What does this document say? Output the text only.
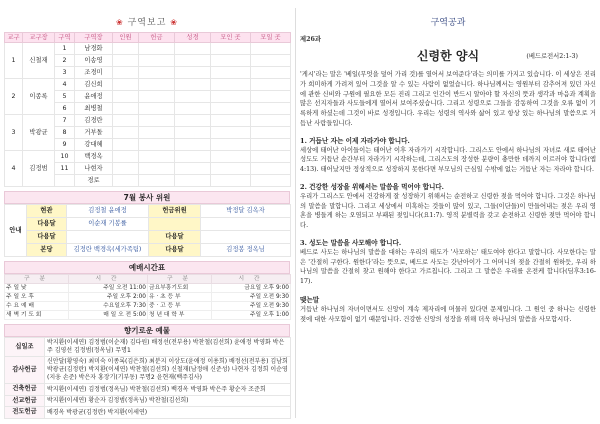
❀ 구역보고 ❀
교구	교구장	구역	구역장	인원	헌금	성경	모인 곳	모일 곳
1	신철재	1	남경화					
		2	이송영					
		3	조경미					
2	이종록	4	김신희					
		5	윤애정					
		6	최병철					
3	박광균	7	김경란					
		8	거부돌					
		9	강대혜					
4	김정범	10	백경옥					
		11	나현자					
			경로					
7월 봉사 위원
안내	현관	김정철 윤애정	헌금위원	박정달 김옥자
	다용달	이순재 기봉률		
	다용달		다용달	
	본당	김정란 백경옥(세가족팀)	다용달	김정봉 정옥님
예배시간표
구 분	시 간	구 분	시 간
주 일 낮	주일 오전 11:00	금요부흥기도회	금요일 오후 9:00
주 일 오 후	주일 오후 2:00	유 · 초 등 부	주일 오전 9:30
수 요 예 배	수요일오후 7:30	중 · 고 등 부	주일 오전 9:30
새 벽 기 도 회	매 일 오 전 5:00	청 년 대 학 부	주일 오후 1:00
향기로운 예물
십일조	박지환(이세연) 김정범(이순재) 김다원) 배정선(전부용) 박찬철(김선희) 윤애정 박영화 박은주 김영선 김정범(정옥님) 무명1
감사헌금	신안달(황영숙) 최미숙 이종록(김은희) 최분지 이상도(윤애정 이용희) 배정선(전부용) 김남희 박광균(김정란) 박지환(이세연) 박찬철(김선희) 신철재(남정애 신준성) 나현자 김정희 이순영(지웅 손준) 박은자 홍장기(기부동) 무명2 윤현재(백주김사)
건축헌금	박지환(이세연) 김정범(정옥님) 박찬철(김선희) 백경옥 박영화 박은주 황순자 조준희
선교헌금	박지환(이세연) 황순자 김정범(정옥님) 박찬철(김선희)
전도헌금	배경옥 박광균(김정란) 박지환(이세연)
구역공과
제26과
신령한 양식	(베드로전서2:1-3)

'게시'라는 말은 '베일(무엇을 덮어 가리 것)를 열어서 보여준다'라는 의미를 가지고 있습니다. 이 세상은 진리가 희미하게 가려져 있어 그것을 알 수 있는 사람이 없었습니다. 하나님께서는 영원부터 감추어져 있던 자신에 관한 신비와 구원에 필요한 모든 진리 그리고 인간이 반드시 알아야 할 자신의 뜻과 생각과 마음과 계획을 많은 선지자들과 사도들에게 열어서 보여주셨습니다. 그리고 성령으로 그들을 감동하여 그것을 오류 없이 기록하게 하셨는데 그것이 바로 성경입니다. 우리는 성령의 역사와 삶어 있고 항상 있는 하나님의 말씀으로 거듭난 사람들입니다.

1. 거듭난 자는 이제 자라가야 합니다.

세상에 태어난 아이들이는 태어난 이후 자라가기 시작합니다. 그리스도 안에서 하나님의 자녀로 새로 태어난 성도도 거듭난 순간부터 자라가기 시작하는데, 그리스도의 장성한 분량이 충만한 데까지 이르러야 합니다(엡4:13). 태어났지만 정상적으로 성장하지 못한다면 부모님의 근심일 수밖에 없는 거듭난 자는 자라야 합니다.

2. 건강한 성장을 위해서는 말씀을 먹어야 합니다.

우리가 그리스도 안에서 건강하게 잘 성장하기 위해서는 순전하고 신령한 젖을 먹어야 합니다. 그것은 하나님의 말씀을 말합니다. 그리고 세상에서 미혹하는 것들이 많이 있고, 그들(이단들)이 만들어내는 젖은 우리 영혼을 병들게 하는 오염되고 부패된 젖입니다(요1:7). 영적 분별력을 갖고 순전하고 신령한 젖만 먹어야 합니다.

3. 성도는 말씀을 사모해야 합니다.

베드로 사도는 하나님의 말씀을 대하는 우리의 태도가 '사모하는' 태도여야 한다고 말합니다. 사모한다는 말은 '간절히 구한다. 원한다'라는 뜻으로, 베드로 사도는 갓난아이가 그 어머니의 젖을 간절히 원하듯, 우리 하나님의 말씀을 간절히 찾고 원해야 한다고 가르칩니다. 그리고 그 말씀은 우리를 온전케 합니다(딤후3:16-17).

맺는말

거듭난 하나님의 자녀이면서도 신앙이 계속 제자리에 머물러 있다면 문제입니다. 그 원인 중 하나는 신령한 젖에 대한 사모함이 없기 때문입니다. 건강한 신앙의 성장을 위해 더욱 하나님의 말씀을 사모합시다.
